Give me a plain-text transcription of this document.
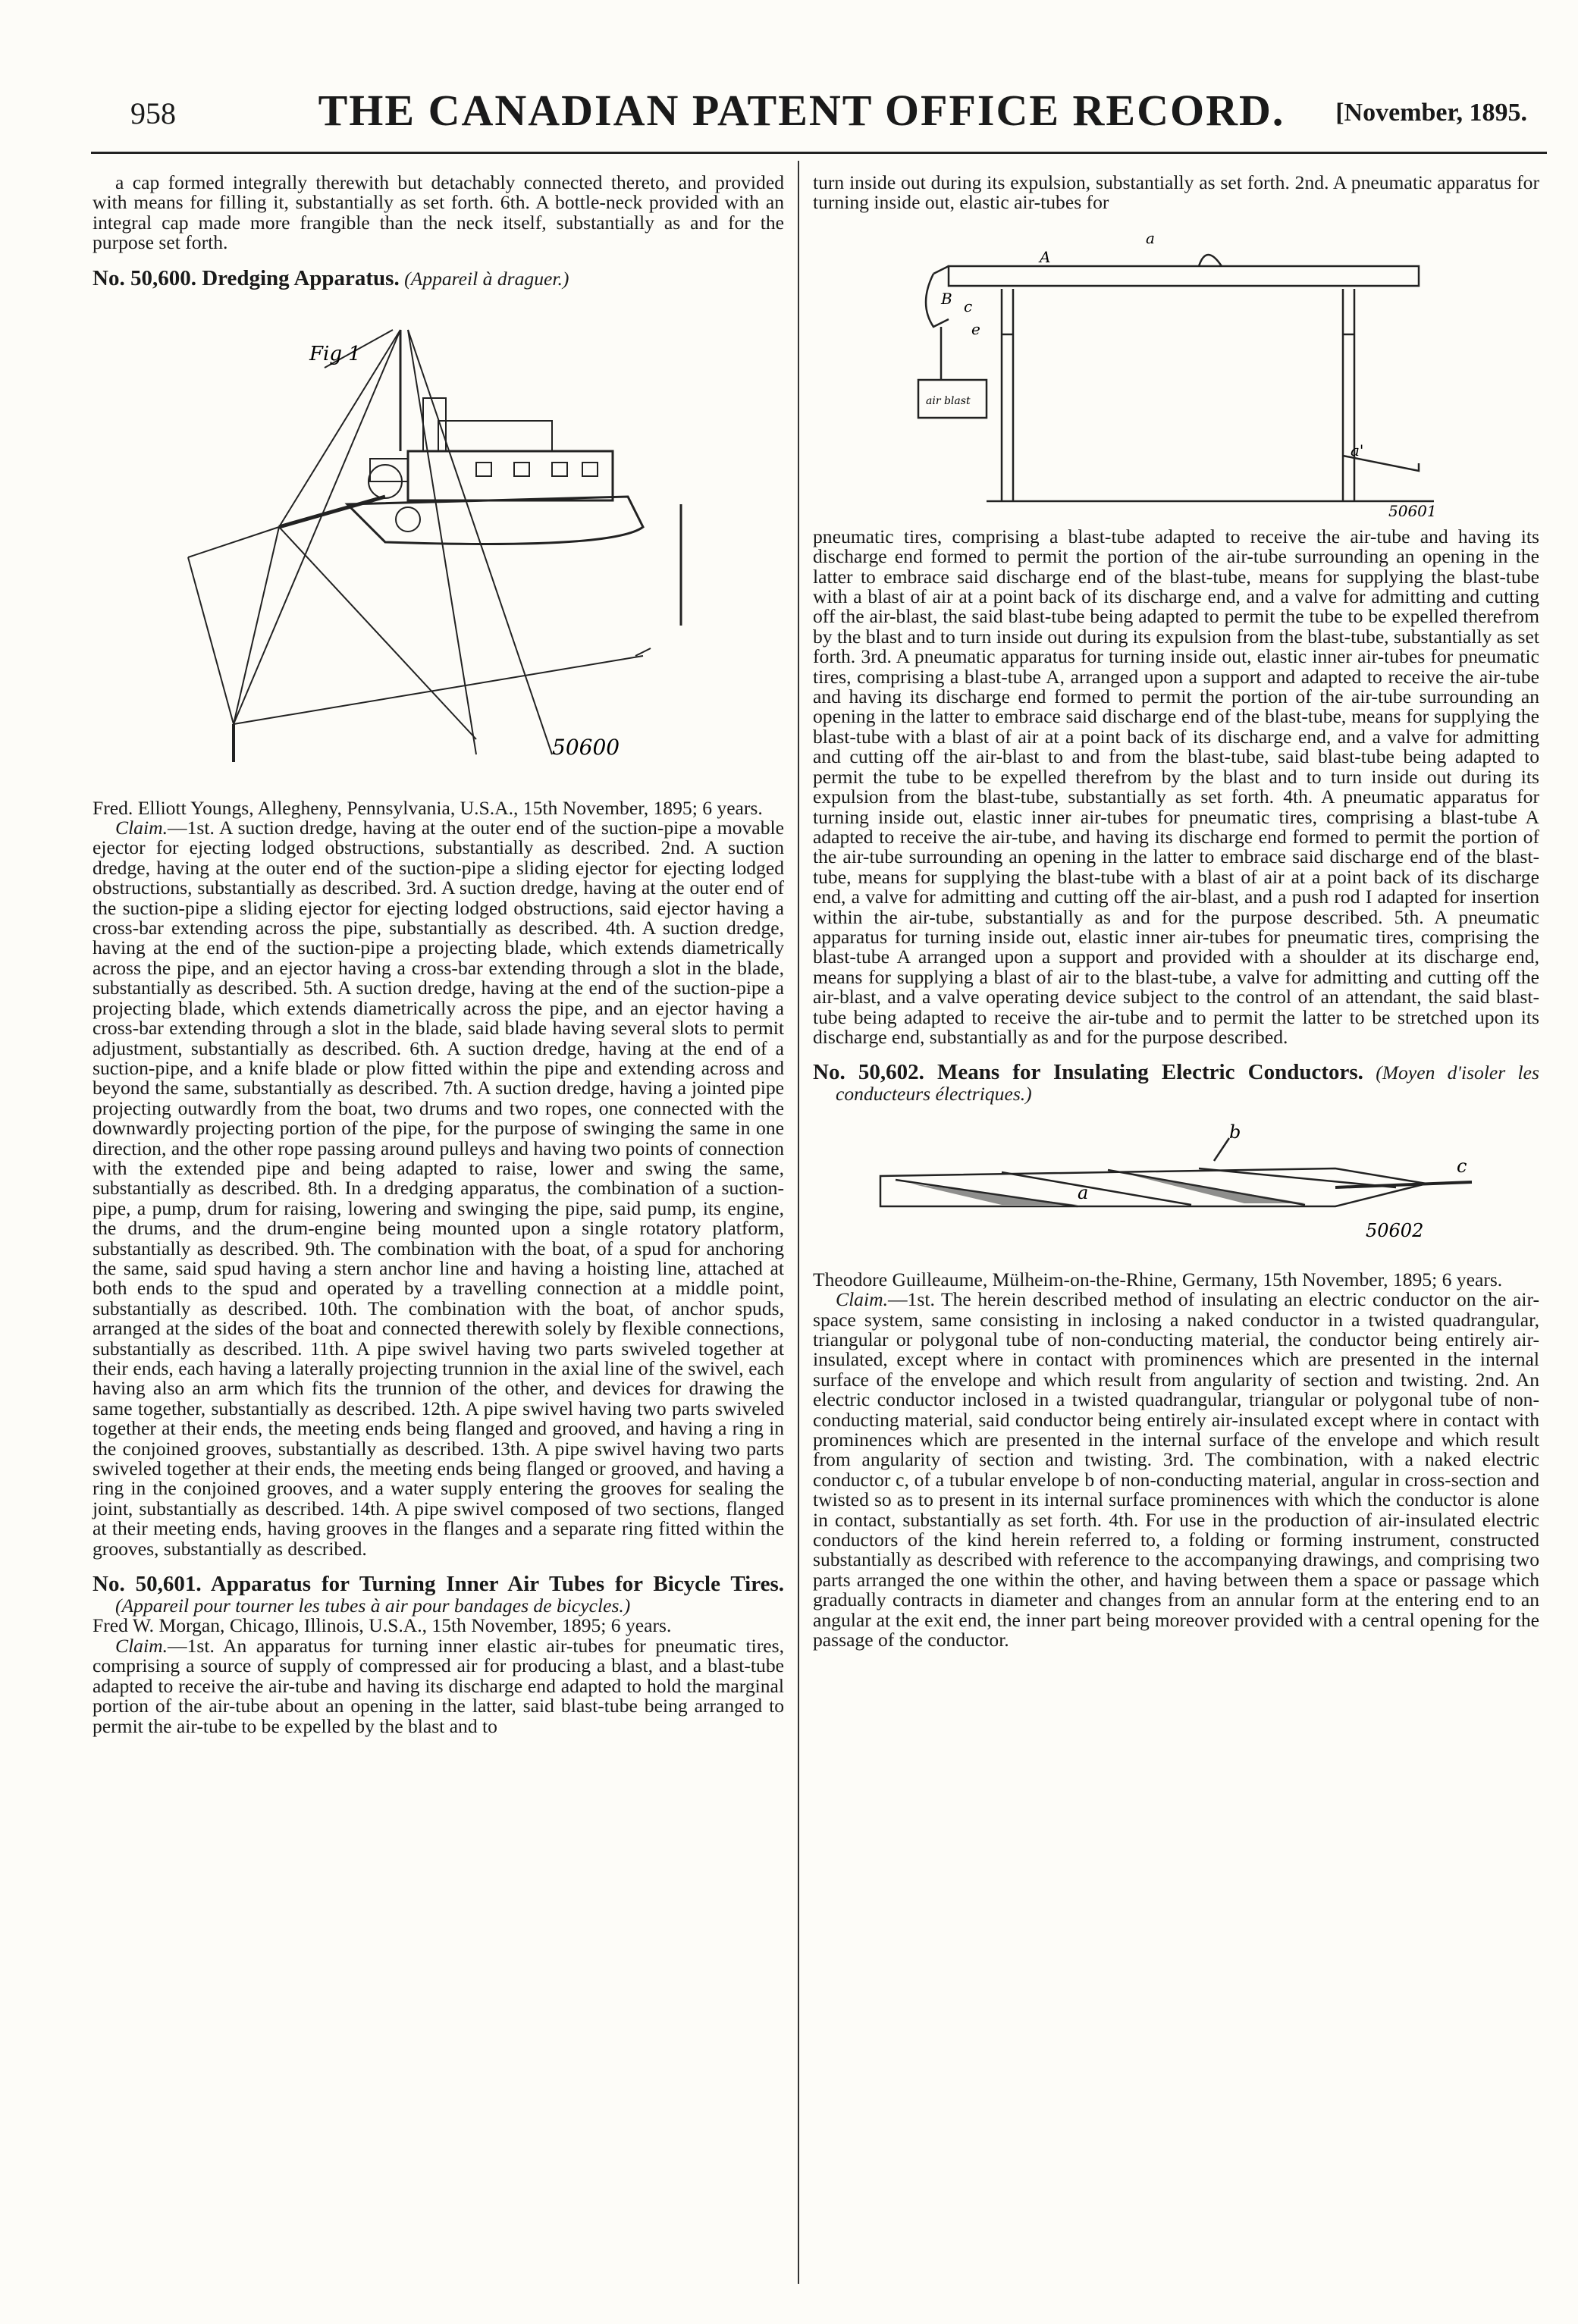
958	THE CANADIAN PATENT OFFICE RECORD.	[November, 1895.

a cap formed integrally therewith but detachably connected thereto, and provided with means for filling it, substantially as set forth. 6th. A bottle-neck provided with an integral cap made more frangible than the neck itself, substantially as and for the purpose set forth.

No. 50,600. Dredging Apparatus. (Appareil à draguer.)

Fig 1
50600

Fred. Elliott Youngs, Allegheny, Pennsylvania, U.S.A., 15th November, 1895; 6 years.

Claim.—1st. A suction dredge, having at the outer end of the suction-pipe a movable ejector for ejecting lodged obstructions, substantially as described. 2nd. A suction dredge, having at the outer end of the suction-pipe a sliding ejector for ejecting lodged obstructions, substantially as described. 3rd. A suction dredge, having at the outer end of the suction-pipe a sliding ejector for ejecting lodged obstructions, said ejector having a cross-bar extending across the pipe, substantially as described. 4th. A suction dredge, having at the end of the suction-pipe a projecting blade, which extends diametrically across the pipe, and an ejector having a cross-bar extending through a slot in the blade, substantially as described. 5th. A suction dredge, having at the end of the suction-pipe a projecting blade, which extends diametrically across the pipe, and an ejector having a cross-bar extending through a slot in the blade, said blade having several slots to permit adjustment, substantially as described. 6th. A suction dredge, having at the end of a suction-pipe, and a knife blade or plow fitted within the pipe and extending across and beyond the same, substantially as described. 7th. A suction dredge, having a jointed pipe projecting outwardly from the boat, two drums and two ropes, one connected with the downwardly projecting portion of the pipe, for the purpose of swinging the same in one direction, and the other rope passing around pulleys and having two points of connection with the extended pipe and being adapted to raise, lower and swing the same, substantially as described. 8th. In a dredging apparatus, the combination of a suction-pipe, a pump, drum for raising, lowering and swinging the pipe, said pump, its engine, the drums, and the drum-engine being mounted upon a single rotatory platform, substantially as described. 9th. The combination with the boat, of a spud for anchoring the same, said spud having a stern anchor line and having a hoisting line, attached at both ends to the spud and operated by a travelling connection at a middle point, substantially as described. 10th. The combination with the boat, of anchor spuds, arranged at the sides of the boat and connected therewith solely by flexible connections, substantially as described. 11th. A pipe swivel having two parts swiveled together at their ends, each having a laterally projecting trunnion in the axial line of the swivel, each having also an arm which fits the trunnion of the other, and devices for drawing the same together, substantially as described. 12th. A pipe swivel having two parts swiveled together at their ends, the meeting ends being flanged and grooved, and having a ring in the conjoined grooves, substantially as described. 13th. A pipe swivel having two parts swiveled together at their ends, the meeting ends being flanged or grooved, and having a ring in the conjoined grooves, and a water supply entering the grooves for sealing the joint, substantially as described. 14th. A pipe swivel composed of two sections, flanged at their meeting ends, having grooves in the flanges and a separate ring fitted within the grooves, substantially as described.

No. 50,601. Apparatus for Turning Inner Air Tubes for Bicycle Tires. (Appareil pour tourner les tubes à air pour bandages de bicycles.)

Fred W. Morgan, Chicago, Illinois, U.S.A., 15th November, 1895; 6 years.

Claim.—1st. An apparatus for turning inner elastic air-tubes for pneumatic tires, comprising a source of supply of compressed air for producing a blast, and a blast-tube adapted to receive the air-tube and having its discharge end adapted to hold the marginal portion of the air-tube about an opening in the latter, said blast-tube being arranged to permit the air-tube to be expelled by the blast and to

turn inside out during its expulsion, substantially as set forth. 2nd. A pneumatic apparatus for turning inside out, elastic air-tubes for

a
A
c
B
e
a'
air blast
50601

pneumatic tires, comprising a blast-tube adapted to receive the air-tube and having its discharge end formed to permit the portion of the air-tube surrounding an opening in the latter to embrace said discharge end of the blast-tube, means for supplying the blast-tube with a blast of air at a point back of its discharge end, and a valve for admitting and cutting off the air-blast, the said blast-tube being adapted to permit the tube to be expelled therefrom by the blast and to turn inside out during its expulsion from the blast-tube, substantially as set forth. 3rd. A pneumatic apparatus for turning inside out, elastic inner air-tubes for pneumatic tires, comprising a blast-tube A, arranged upon a support and adapted to receive the air-tube and having its discharge end formed to permit the portion of the air-tube surrounding an opening in the latter to embrace said discharge end of the blast-tube, means for supplying the blast-tube with a blast of air at a point back of its discharge end, and a valve for admitting and cutting off the air-blast to and from the blast-tube, said blast-tube being adapted to permit the tube to be expelled therefrom by the blast and to turn inside out during its expulsion from the blast-tube, substantially as set forth. 4th. A pneumatic apparatus for turning inside out, elastic inner air-tubes for pneumatic tires, comprising a blast-tube A adapted to receive the air-tube, and having its discharge end formed to permit the portion of the air-tube surrounding an opening in the latter to embrace said discharge end of the blast-tube, means for supplying the blast-tube with a blast of air at a point back of its discharge end, a valve for admitting and cutting off the air-blast, and a push rod I adapted for insertion within the air-tube, substantially as and for the purpose described. 5th. A pneumatic apparatus for turning inside out, elastic inner air-tubes for pneumatic tires, comprising the blast-tube A arranged upon a support and provided with a shoulder at its discharge end, means for supplying a blast of air to the blast-tube, a valve for admitting and cutting off the air-blast, and a valve operating device subject to the control of an attendant, the said blast-tube being adapted to receive the air-tube and to permit the latter to be stretched upon its discharge end, substantially as and for the purpose described.

No. 50,602. Means for Insulating Electric Conductors. (Moyen d'isoler les conducteurs électriques.)

b
a
c
50602

Theodore Guilleaume, Mülheim-on-the-Rhine, Germany, 15th November, 1895; 6 years.

Claim.—1st. The herein described method of insulating an electric conductor on the air-space system, same consisting in inclosing a naked conductor in a twisted quadrangular, triangular or polygonal tube of non-conducting material, the conductor being entirely air-insulated, except where in contact with prominences which are presented in the internal surface of the envelope and which result from angularity of section and twisting. 2nd. An electric conductor inclosed in a twisted quadrangular, triangular or polygonal tube of non-conducting material, said conductor being entirely air-insulated except where in contact with prominences which are presented in the internal surface of the envelope and which result from angularity of section and twisting. 3rd. The combination, with a naked electric conductor c, of a tubular envelope b of non-conducting material, angular in cross-section and twisted so as to present in its internal surface prominences with which the conductor is alone in contact, substantially as set forth. 4th. For use in the production of air-insulated electric conductors of the kind herein referred to, a folding or forming instrument, constructed substantially as described with reference to the accompanying drawings, and comprising two parts arranged the one within the other, and having between them a space or passage which gradually contracts in diameter and changes from an annular form at the entering end to an angular at the exit end, the inner part being moreover provided with a central opening for the passage of the conductor.
